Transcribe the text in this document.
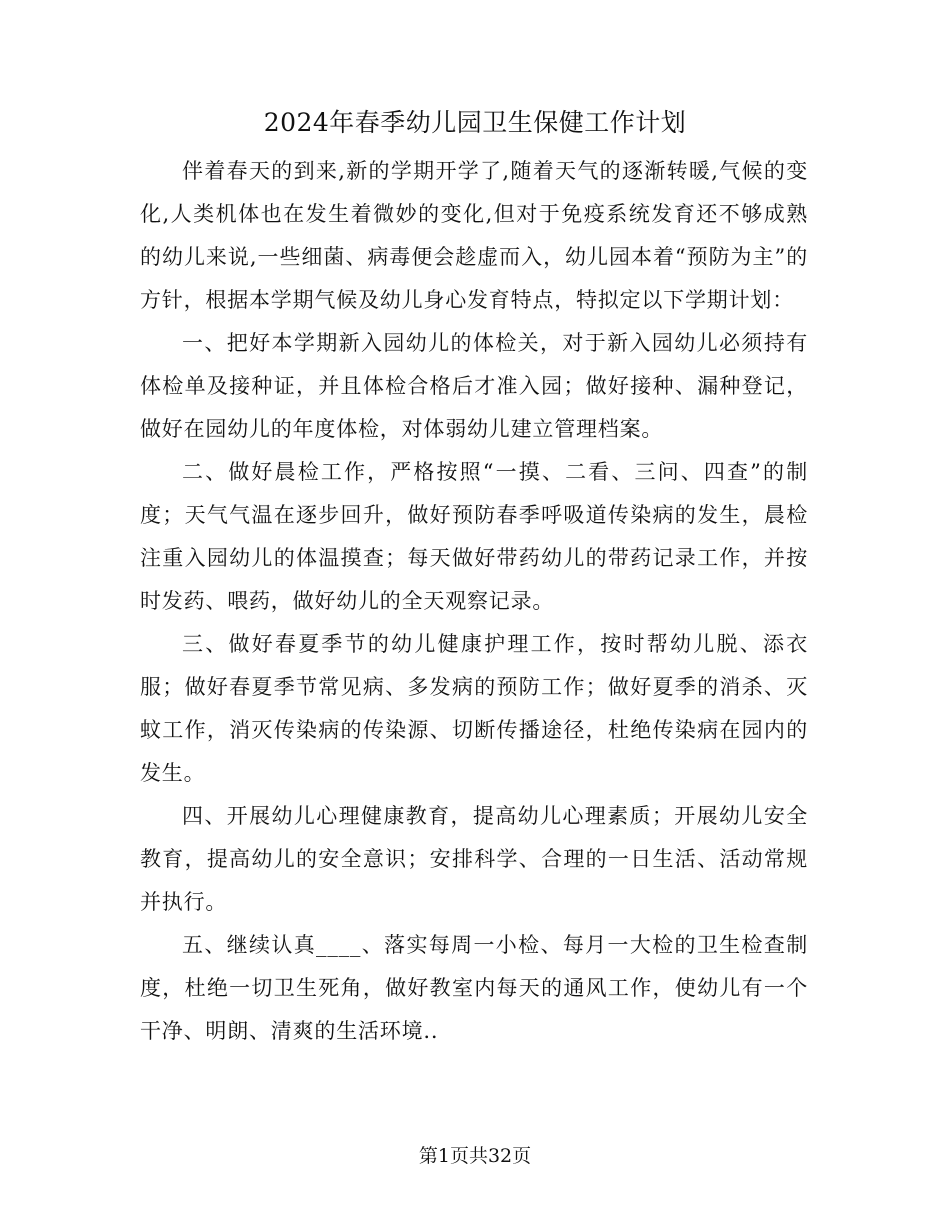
2024年春季幼儿园卫生保健工作计划

伴着春天的到来,新的学期开学了,随着天气的逐渐转暖,气候的变化,人类机体也在发生着微妙的变化,但对于免疫系统发育还不够成熟的幼儿来说,一些细菌、病毒便会趁虚而入，幼儿园本着“预防为主”的方针，根据本学期气候及幼儿身心发育特点，特拟定以下学期计划：

一、把好本学期新入园幼儿的体检关，对于新入园幼儿必须持有体检单及接种证，并且体检合格后才准入园；做好接种、漏种登记，做好在园幼儿的年度体检，对体弱幼儿建立管理档案。

二、做好晨检工作，严格按照“一摸、二看、三问、四查”的制度；天气气温在逐步回升，做好预防春季呼吸道传染病的发生，晨检注重入园幼儿的体温摸查；每天做好带药幼儿的带药记录工作，并按时发药、喂药，做好幼儿的全天观察记录。

三、做好春夏季节的幼儿健康护理工作，按时帮幼儿脱、添衣服；做好春夏季节常见病、多发病的预防工作；做好夏季的消杀、灭蚊工作，消灭传染病的传染源、切断传播途径，杜绝传染病在园内的发生。

四、开展幼儿心理健康教育，提高幼儿心理素质；开展幼儿安全教育，提高幼儿的安全意识；安排科学、合理的一日生活、活动常规并执行。

五、继续认真____、落实每周一小检、每月一大检的卫生检查制度，杜绝一切卫生死角，做好教室内每天的通风工作，使幼儿有一个干净、明朗、清爽的生活环境..

第1页共32页
